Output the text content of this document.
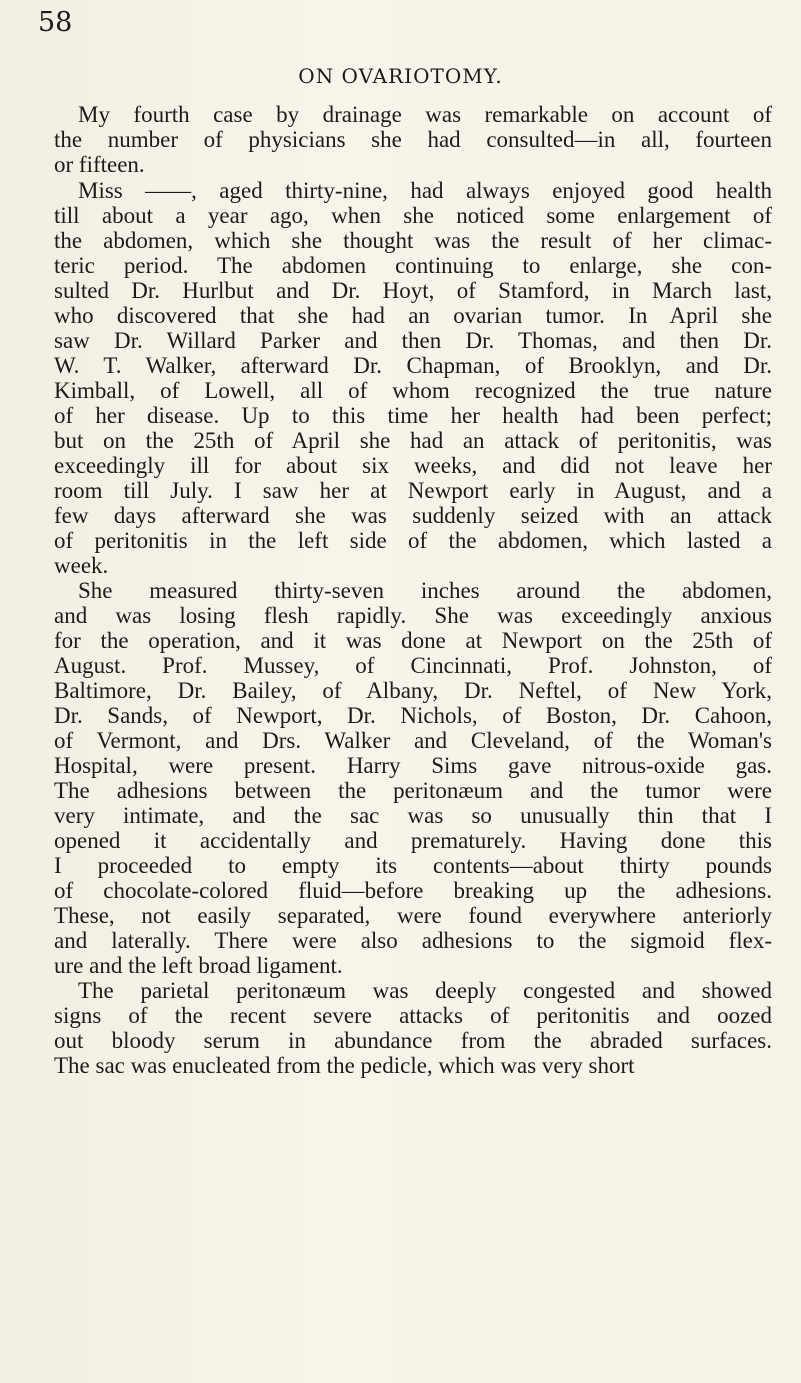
58
ON OVARIOTOMY.
My fourth case by drainage was remarkable on account of
the number of physicians she had consulted—in all, fourteen
or fifteen.
Miss ——, aged thirty-nine, had always enjoyed good health
till about a year ago, when she noticed some enlargement of
the abdomen, which she thought was the result of her climac-
teric period. The abdomen continuing to enlarge, she con-
sulted Dr. Hurlbut and Dr. Hoyt, of Stamford, in March last,
who discovered that she had an ovarian tumor. In April she
saw Dr. Willard Parker and then Dr. Thomas, and then Dr.
W. T. Walker, afterward Dr. Chapman, of Brooklyn, and Dr.
Kimball, of Lowell, all of whom recognized the true nature
of her disease. Up to this time her health had been perfect;
but on the 25th of April she had an attack of peritonitis, was
exceedingly ill for about six weeks, and did not leave her
room till July. I saw her at Newport early in August, and a
few days afterward she was suddenly seized with an attack
of peritonitis in the left side of the abdomen, which lasted a
week.
She measured thirty-seven inches around the abdomen,
and was losing flesh rapidly. She was exceedingly anxious
for the operation, and it was done at Newport on the 25th of
August. Prof. Mussey, of Cincinnati, Prof. Johnston, of
Baltimore, Dr. Bailey, of Albany, Dr. Neftel, of New York,
Dr. Sands, of Newport, Dr. Nichols, of Boston, Dr. Cahoon,
of Vermont, and Drs. Walker and Cleveland, of the Woman's
Hospital, were present. Harry Sims gave nitrous-oxide gas.
The adhesions between the peritonæum and the tumor were
very intimate, and the sac was so unusually thin that I
opened it accidentally and prematurely. Having done this
I proceeded to empty its contents—about thirty pounds
of chocolate-colored fluid—before breaking up the adhesions.
These, not easily separated, were found everywhere anteriorly
and laterally. There were also adhesions to the sigmoid flex-
ure and the left broad ligament.
The parietal peritonæum was deeply congested and showed
signs of the recent severe attacks of peritonitis and oozed
out bloody serum in abundance from the abraded surfaces.
The sac was enucleated from the pedicle, which was very short
